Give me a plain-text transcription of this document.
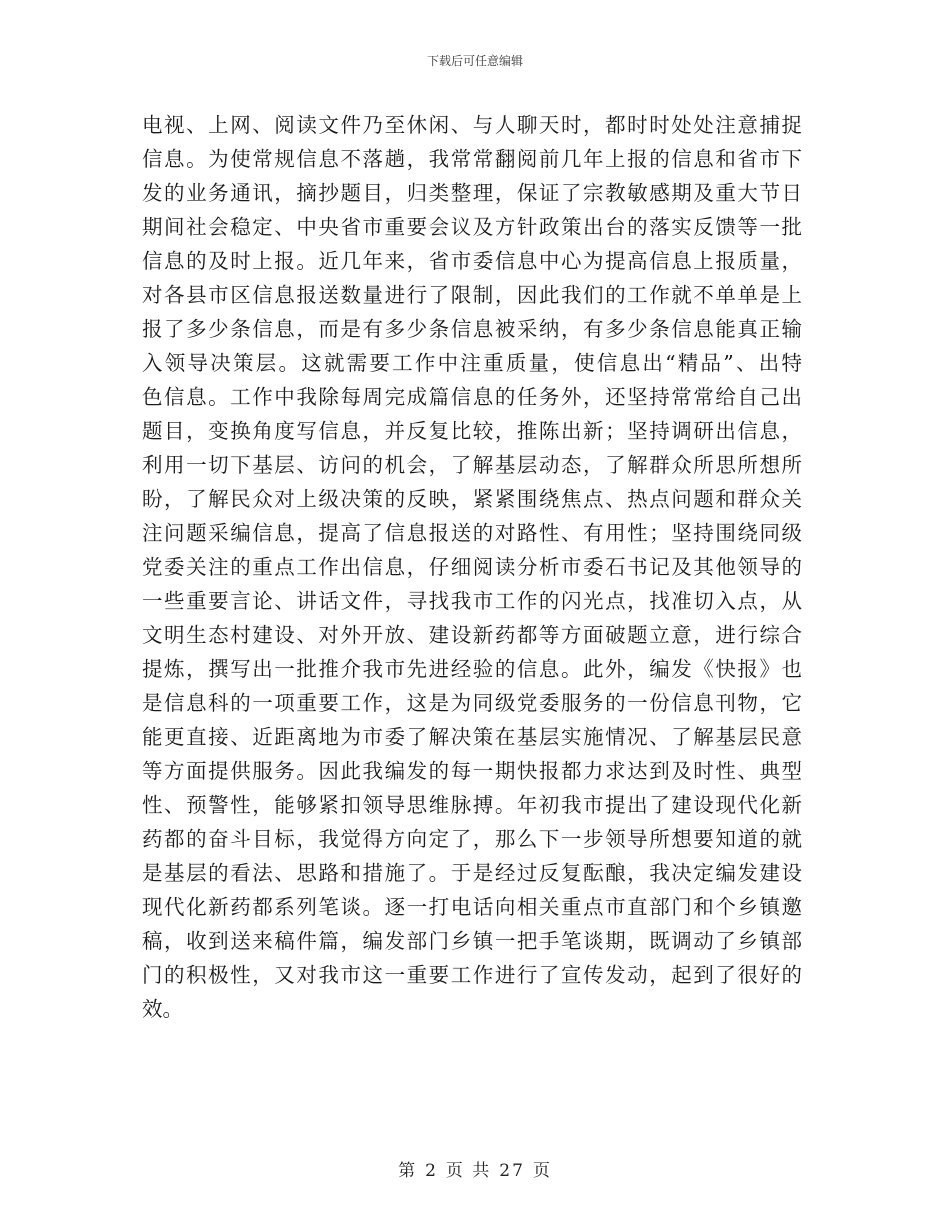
下载后可任意编辑
电视、上网、阅读文件乃至休闲、与人聊天时，都时时处处注意捕捉
信息。为使常规信息不落趟，我常常翻阅前几年上报的信息和省市下
发的业务通讯，摘抄题目，归类整理，保证了宗教敏感期及重大节日
期间社会稳定、中央省市重要会议及方针政策出台的落实反馈等一批
信息的及时上报。近几年来，省市委信息中心为提高信息上报质量，
对各县市区信息报送数量进行了限制，因此我们的工作就不单单是上
报了多少条信息，而是有多少条信息被采纳，有多少条信息能真正输
入领导决策层。这就需要工作中注重质量，使信息出“精品”、出特
色信息。工作中我除每周完成篇信息的任务外，还坚持常常给自己出
题目，变换角度写信息，并反复比较，推陈出新；坚持调研出信息，
利用一切下基层、访问的机会，了解基层动态，了解群众所思所想所
盼，了解民众对上级决策的反映，紧紧围绕焦点、热点问题和群众关
注问题采编信息，提高了信息报送的对路性、有用性；坚持围绕同级
党委关注的重点工作出信息，仔细阅读分析市委石书记及其他领导的
一些重要言论、讲话文件，寻找我市工作的闪光点，找准切入点，从
文明生态村建设、对外开放、建设新药都等方面破题立意，进行综合
提炼，撰写出一批推介我市先进经验的信息。此外，编发《快报》也
是信息科的一项重要工作，这是为同级党委服务的一份信息刊物，它
能更直接、近距离地为市委了解决策在基层实施情况、了解基层民意
等方面提供服务。因此我编发的每一期快报都力求达到及时性、典型
性、预警性，能够紧扣领导思维脉搏。年初我市提出了建设现代化新
药都的奋斗目标，我觉得方向定了，那么下一步领导所想要知道的就
是基层的看法、思路和措施了。于是经过反复酝酿，我决定编发建设
现代化新药都系列笔谈。逐一打电话向相关重点市直部门和个乡镇邀
稿，收到送来稿件篇，编发部门乡镇一把手笔谈期，既调动了乡镇部
门的积极性，又对我市这一重要工作进行了宣传发动，起到了很好的
效。
第 2 页 共 27 页
